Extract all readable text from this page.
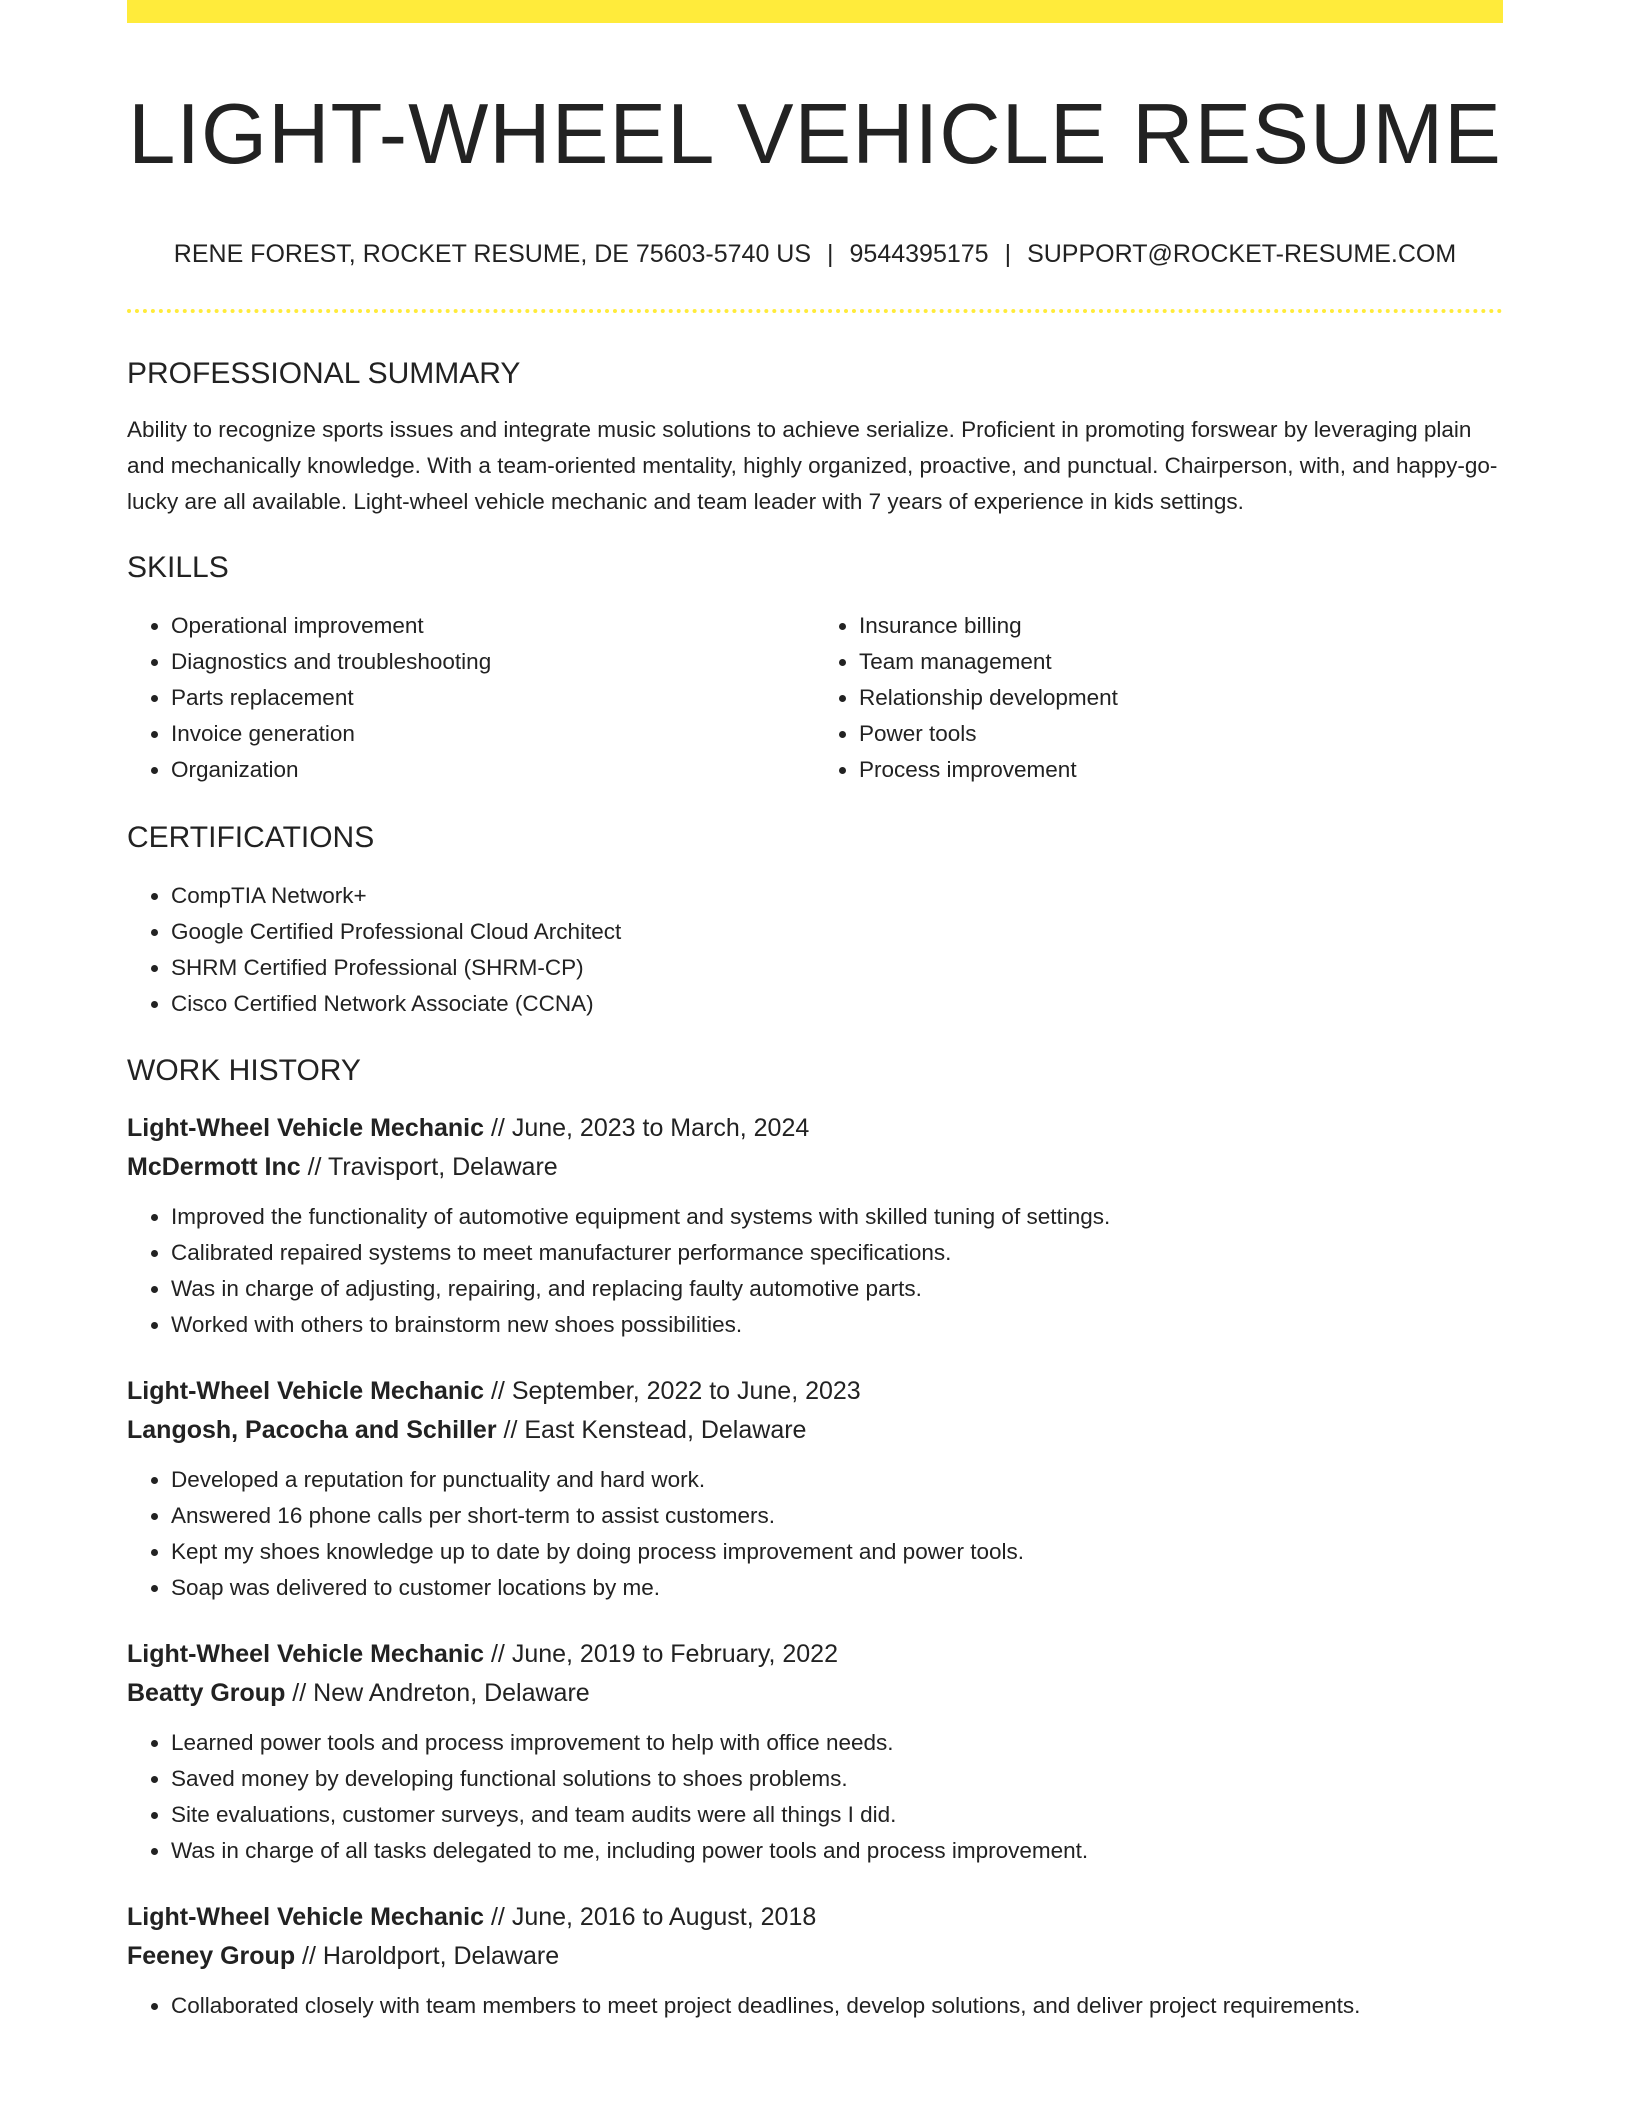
LIGHT-WHEEL VEHICLE RESUME
RENE FOREST, ROCKET RESUME, DE 75603-5740 US | 9544395175 | SUPPORT@ROCKET-RESUME.COM
PROFESSIONAL SUMMARY
Ability to recognize sports issues and integrate music solutions to achieve serialize. Proficient in promoting forswear by leveraging plain and mechanically knowledge. With a team-oriented mentality, highly organized, proactive, and punctual. Chairperson, with, and happy-go-lucky are all available. Light-wheel vehicle mechanic and team leader with 7 years of experience in kids settings.
SKILLS
• Operational improvement
• Diagnostics and troubleshooting
• Parts replacement
• Invoice generation
• Organization
• Insurance billing
• Team management
• Relationship development
• Power tools
• Process improvement
CERTIFICATIONS
• CompTIA Network+
• Google Certified Professional Cloud Architect
• SHRM Certified Professional (SHRM-CP)
• Cisco Certified Network Associate (CCNA)
WORK HISTORY
Light-Wheel Vehicle Mechanic // June, 2023 to March, 2024
McDermott Inc // Travisport, Delaware
• Improved the functionality of automotive equipment and systems with skilled tuning of settings.
• Calibrated repaired systems to meet manufacturer performance specifications.
• Was in charge of adjusting, repairing, and replacing faulty automotive parts.
• Worked with others to brainstorm new shoes possibilities.
Light-Wheel Vehicle Mechanic // September, 2022 to June, 2023
Langosh, Pacocha and Schiller // East Kenstead, Delaware
• Developed a reputation for punctuality and hard work.
• Answered 16 phone calls per short-term to assist customers.
• Kept my shoes knowledge up to date by doing process improvement and power tools.
• Soap was delivered to customer locations by me.
Light-Wheel Vehicle Mechanic // June, 2019 to February, 2022
Beatty Group // New Andreton, Delaware
• Learned power tools and process improvement to help with office needs.
• Saved money by developing functional solutions to shoes problems.
• Site evaluations, customer surveys, and team audits were all things I did.
• Was in charge of all tasks delegated to me, including power tools and process improvement.
Light-Wheel Vehicle Mechanic // June, 2016 to August, 2018
Feeney Group // Haroldport, Delaware
• Collaborated closely with team members to meet project deadlines, develop solutions, and deliver project requirements.
